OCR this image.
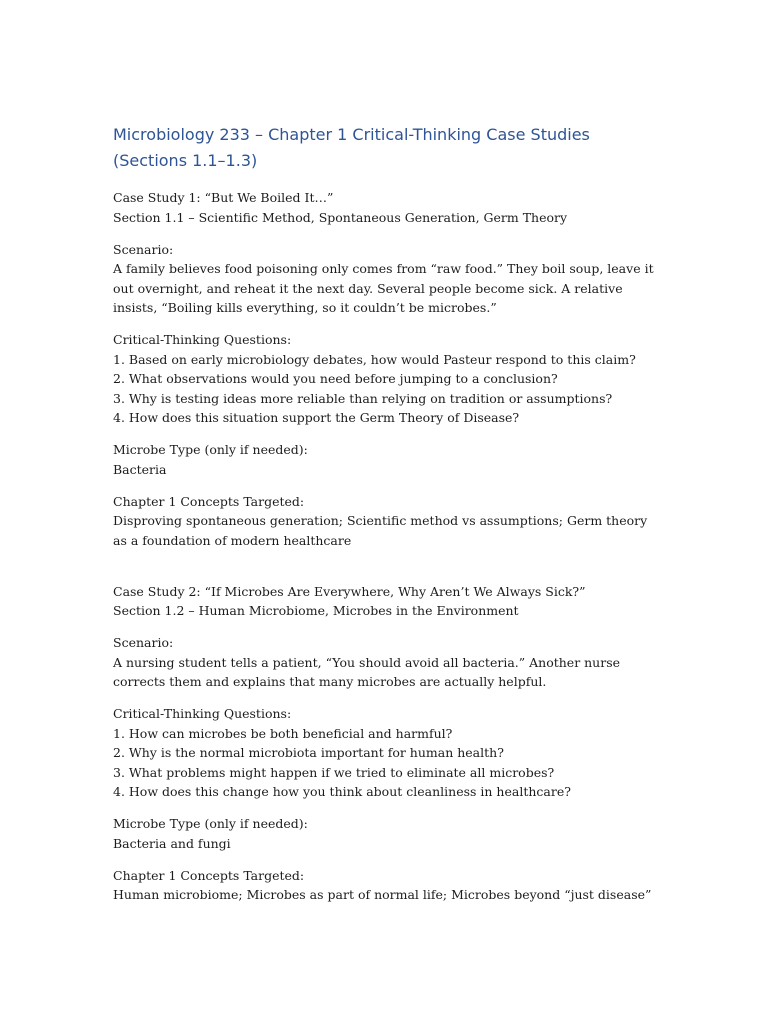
Microbiology 233 – Chapter 1 Critical-Thinking Case Studies (Sections 1.1–1.3)
Case Study 1: “But We Boiled It…”
Section 1.1 – Scientific Method, Spontaneous Generation, Germ Theory
Scenario:
A family believes food poisoning only comes from “raw food.” They boil soup, leave it out overnight, and reheat it the next day. Several people become sick. A relative insists, “Boiling kills everything, so it couldn’t be microbes.”
Critical-Thinking Questions:
1. Based on early microbiology debates, how would Pasteur respond to this claim?
2. What observations would you need before jumping to a conclusion?
3. Why is testing ideas more reliable than relying on tradition or assumptions?
4. How does this situation support the Germ Theory of Disease?
Microbe Type (only if needed):
Bacteria
Chapter 1 Concepts Targeted:
Disproving spontaneous generation; Scientific method vs assumptions; Germ theory as a foundation of modern healthcare
Case Study 2: “If Microbes Are Everywhere, Why Aren’t We Always Sick?”
Section 1.2 – Human Microbiome, Microbes in the Environment
Scenario:
A nursing student tells a patient, “You should avoid all bacteria.” Another nurse corrects them and explains that many microbes are actually helpful.
Critical-Thinking Questions:
1. How can microbes be both beneficial and harmful?
2. Why is the normal microbiota important for human health?
3. What problems might happen if we tried to eliminate all microbes?
4. How does this change how you think about cleanliness in healthcare?
Microbe Type (only if needed):
Bacteria and fungi
Chapter 1 Concepts Targeted:
Human microbiome; Microbes as part of normal life; Microbes beyond “just disease”
